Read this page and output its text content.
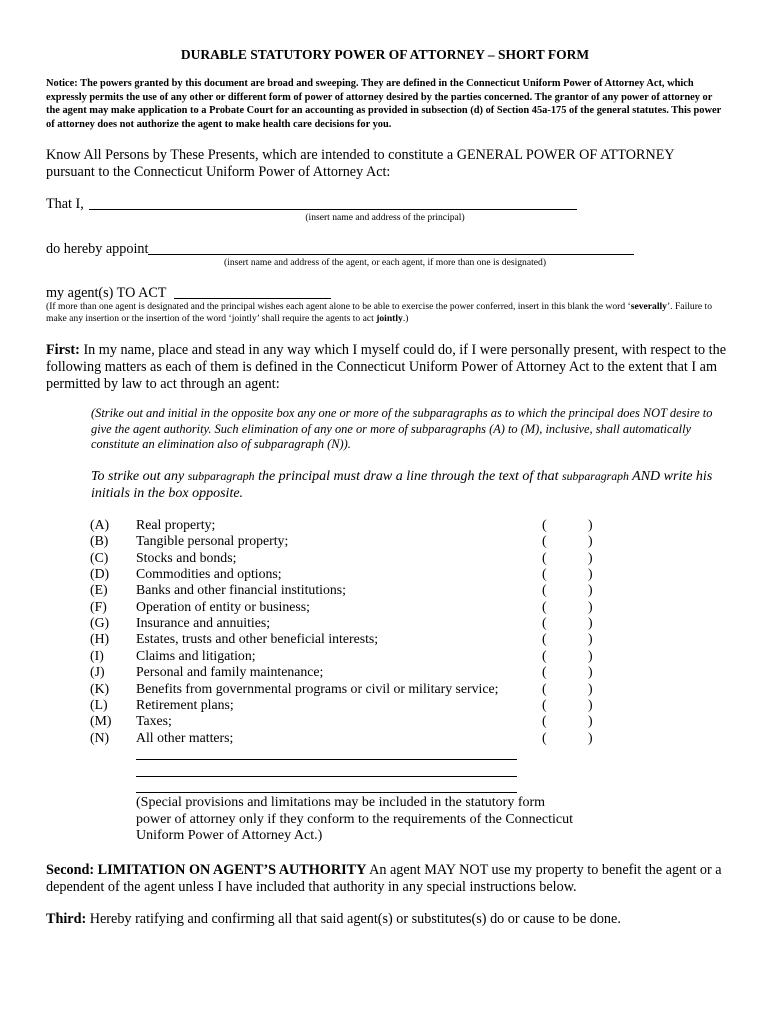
DURABLE STATUTORY POWER OF ATTORNEY – SHORT FORM
Notice: The powers granted by this document are broad and sweeping. They are defined in the Connecticut Uniform Power of Attorney Act, which expressly permits the use of any other or different form of power of attorney desired by the parties concerned. The grantor of any power of attorney or the agent may make application to a Probate Court for an accounting as provided in subsection (d) of Section 45a-175 of the general statutes. This power of attorney does not authorize the agent to make health care decisions for you.
Know All Persons by These Presents, which are intended to constitute a GENERAL POWER OF ATTORNEY pursuant to the Connecticut Uniform Power of Attorney Act:
That I,
(insert name and address of the principal)
do hereby appoint
(insert name and address of the agent, or each agent, if more than one is designated)
my agent(s) TO ACT
(If more than one agent is designated and the principal wishes each agent alone to be able to exercise the power conferred, insert in this blank the word ‘severally’. Failure to make any insertion or the insertion of the word ‘jointly’ shall require the agents to act jointly.)
First: In my name, place and stead in any way which I myself could do, if I were personally present, with respect to the following matters as each of them is defined in the Connecticut Uniform Power of Attorney Act to the extent that I am permitted by law to act through an agent:
(Strike out and initial in the opposite box any one or more of the subparagraphs as to which the principal does NOT desire to give the agent authority. Such elimination of any one or more of subparagraphs (A) to (M), inclusive, shall automatically constitute an elimination also of subparagraph (N)).
To strike out any subparagraph the principal must draw a line through the text of that subparagraph AND write his initials in the box opposite.
(A) Real property;	(	)
(B) Tangible personal property;	(	)
(C) Stocks and bonds;	(	)
(D) Commodities and options;	(	)
(E) Banks and other financial institutions;	(	)
(F) Operation of entity or business;	(	)
(G) Insurance and annuities;	(	)
(H) Estates, trusts and other beneficial interests;	(	)
(I) Claims and litigation;	(	)
(J) Personal and family maintenance;	(	)
(K) Benefits from governmental programs or civil or military service;	(	)
(L) Retirement plans;	(	)
(M) Taxes;	(	)
(N) All other matters;	(	)
(Special provisions and limitations may be included in the statutory form power of attorney only if they conform to the requirements of the Connecticut Uniform Power of Attorney Act.)
Second: LIMITATION ON AGENT’S AUTHORITY An agent MAY NOT use my property to benefit the agent or a dependent of the agent unless I have included that authority in any special instructions below.
Third: Hereby ratifying and confirming all that said agent(s) or substitutes(s) do or cause to be done.
